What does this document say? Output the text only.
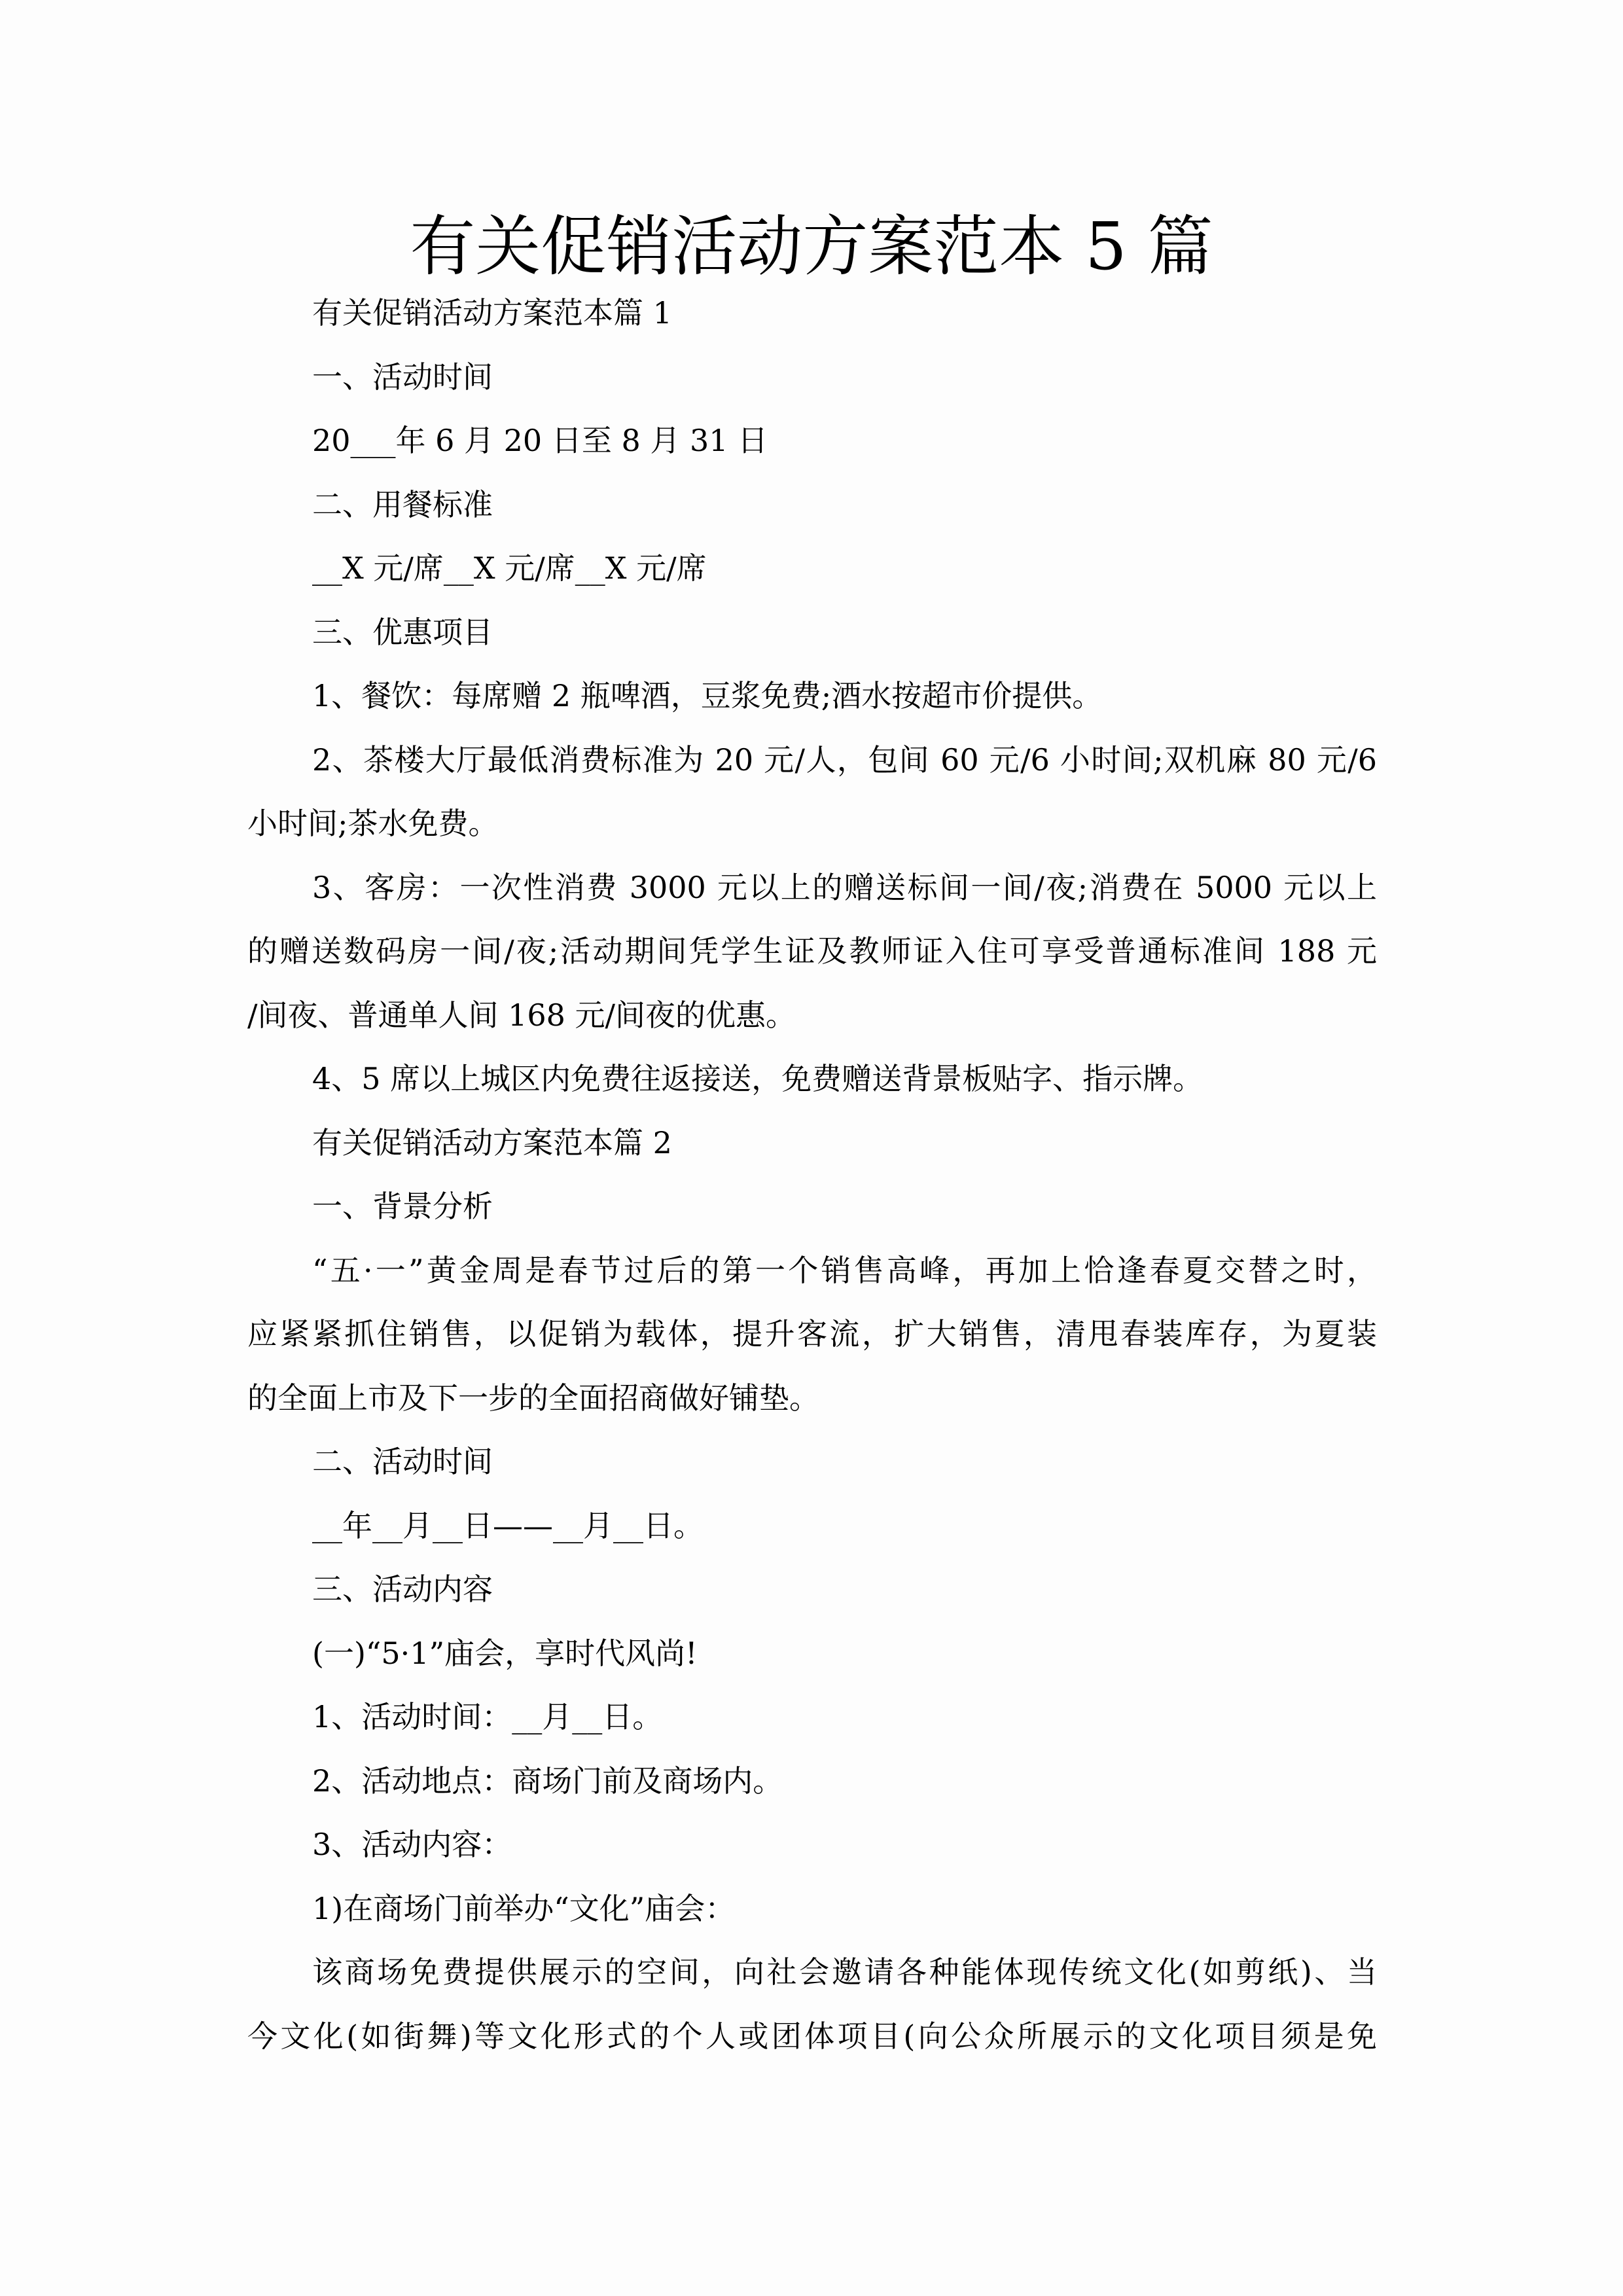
有关促销活动方案范本 5 篇

有关促销活动方案范本篇 1

一、活动时间

20___年 6 月 20 日至 8 月 31 日

二、用餐标准

__X 元/席__X 元/席__X 元/席

三、优惠项目

1、餐饮：每席赠 2 瓶啤酒，豆浆免费;酒水按超市价提供。

2、茶楼大厅最低消费标准为 20 元/人，包间 60 元/6 小时间;双机麻 80 元/6

小时间;茶水免费。

3、客房：一次性消费 3000 元以上的赠送标间一间/夜;消费在 5000 元以上

的赠送数码房一间/夜;活动期间凭学生证及教师证入住可享受普通标准间 188 元

/间夜、普通单人间 168 元/间夜的优惠。

4、5 席以上城区内免费往返接送，免费赠送背景板贴字、指示牌。

有关促销活动方案范本篇 2

一、背景分析

“五·一”黄金周是春节过后的第一个销售高峰，再加上恰逢春夏交替之时，

应紧紧抓住销售，以促销为载体，提升客流，扩大销售，清甩春装库存，为夏装

的全面上市及下一步的全面招商做好铺垫。

二、活动时间

__年__月__日——__月__日。

三、活动内容

(一)“5·1”庙会，享时代风尚!

1、活动时间：__月__日。

2、活动地点：商场门前及商场内。

3、活动内容：

1)在商场门前举办“文化”庙会：

该商场免费提供展示的空间，向社会邀请各种能体现传统文化(如剪纸)、当

今文化(如街舞)等文化形式的个人或团体项目(向公众所展示的文化项目须是免
